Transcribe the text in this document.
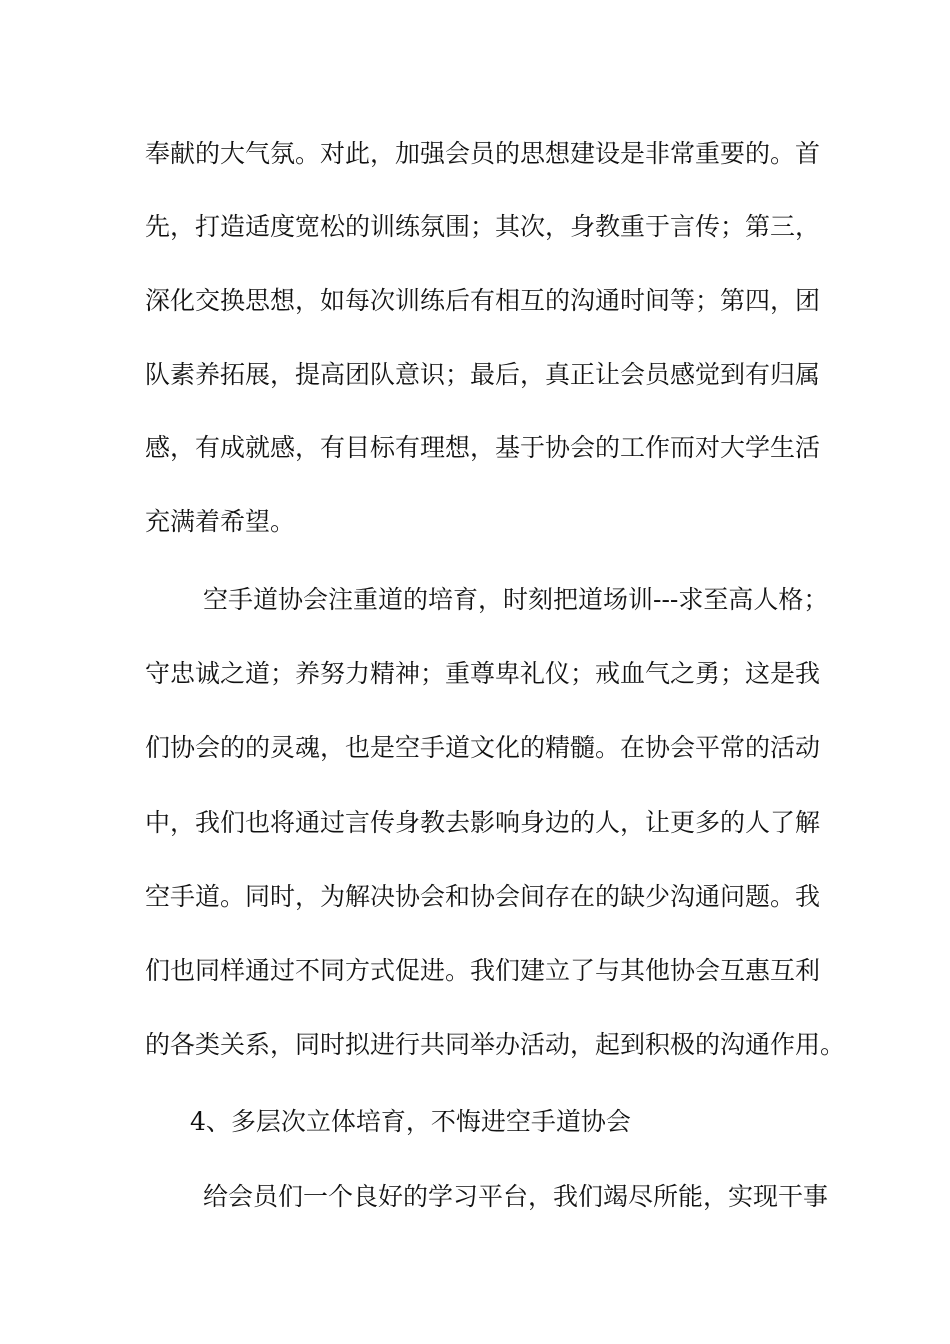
奉献的大气氛。对此，加强会员的思想建设是非常重要的。首
先，打造适度宽松的训练氛围；其次，身教重于言传；第三，
深化交换思想，如每次训练后有相互的沟通时间等；第四，团
队素养拓展，提高团队意识；最后，真正让会员感觉到有归属
感，有成就感，有目标有理想，基于协会的工作而对大学生活
充满着希望。
空手道协会注重道的培育，时刻把道场训---求至高人格；
守忠诚之道；养努力精神；重尊卑礼仪；戒血气之勇；这是我
们协会的的灵魂，也是空手道文化的精髓。在协会平常的活动
中，我们也将通过言传身教去影响身边的人，让更多的人了解
空手道。同时，为解决协会和协会间存在的缺少沟通问题。我
们也同样通过不同方式促进。我们建立了与其他协会互惠互利
的各类关系，同时拟进行共同举办活动，起到积极的沟通作用。
4、多层次立体培育，不悔进空手道协会
给会员们一个良好的学习平台，我们竭尽所能，实现干事
